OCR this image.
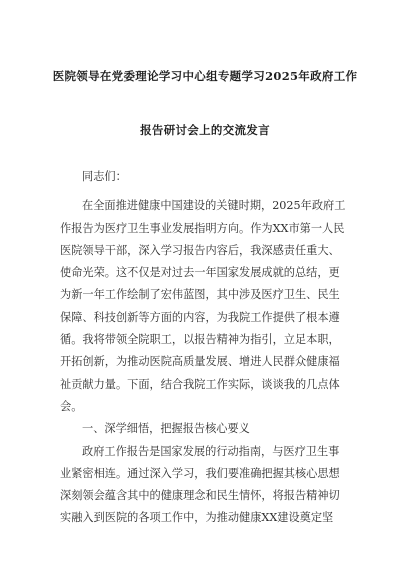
医院领导在党委理论学习中心组专题学习2025年政府工作
报告研讨会上的交流发言

同志们：

在全面推进健康中国建设的关键时期，2025年政府工
作报告为医疗卫生事业发展指明方向。作为XX市第一人民
医院领导干部，深入学习报告内容后，我深感责任重大、
使命光荣。这不仅是对过去一年国家发展成就的总结，更
为新一年工作绘制了宏伟蓝图，其中涉及医疗卫生、民生
保障、科技创新等方面的内容，为我院工作提供了根本遵
循。我将带领全院职工，以报告精神为指引，立足本职，
开拓创新，为推动医院高质量发展、增进人民群众健康福
祉贡献力量。下面，结合我院工作实际，谈谈我的几点体
会。
一、深学细悟，把握报告核心要义
政府工作报告是国家发展的行动指南，与医疗卫生事
业紧密相连。通过深入学习，我们要准确把握其核心思想
深刻领会蕴含其中的健康理念和民生情怀，将报告精神切
实融入到医院的各项工作中，为推动健康XX建设奠定坚
